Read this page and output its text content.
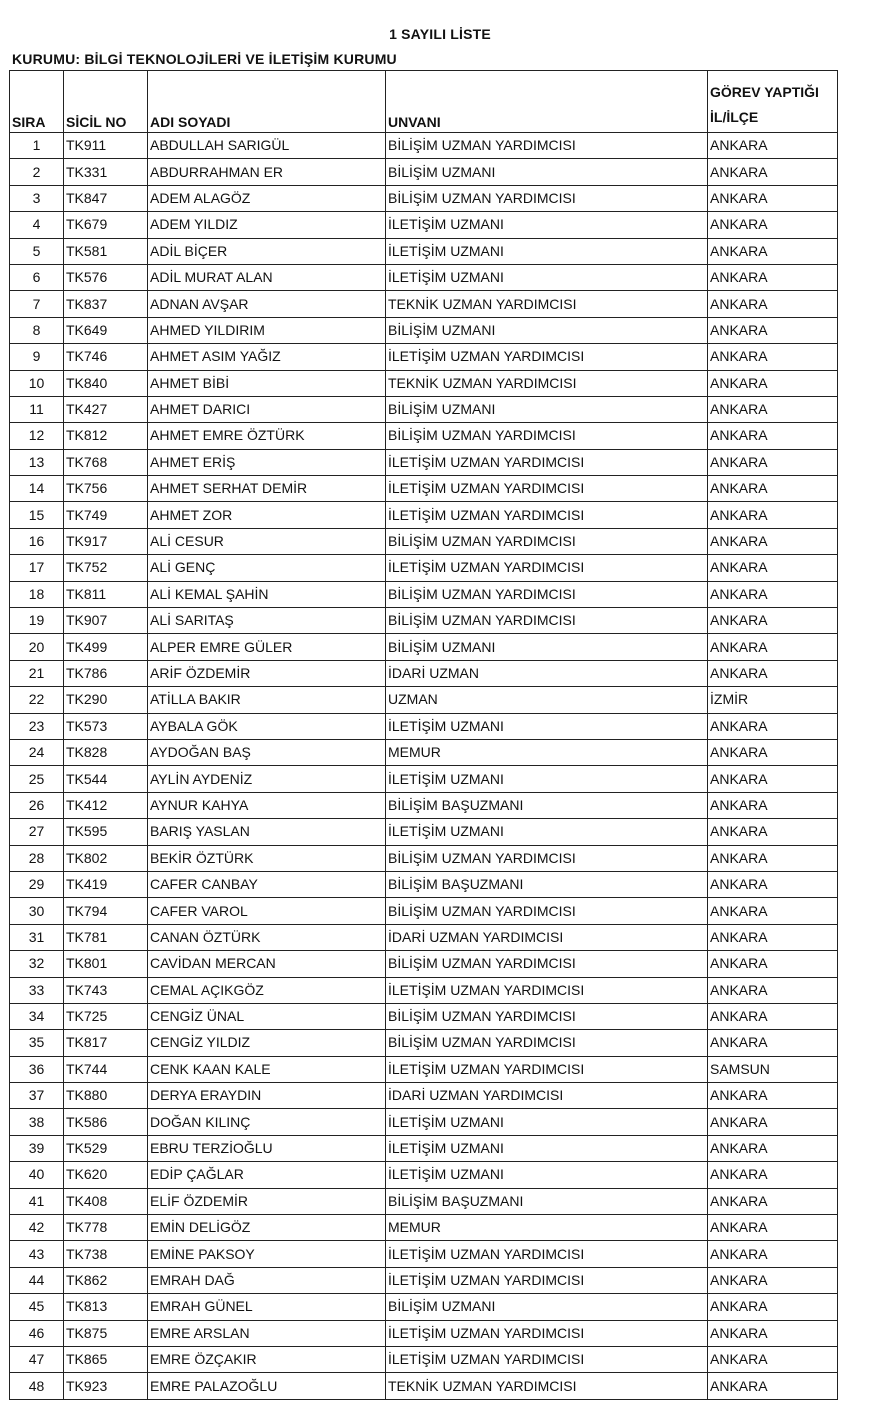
1 SAYILI LİSTE
KURUMU: BİLGİ TEKNOLOJİLERİ VE İLETİŞİM KURUMU
SIRA	SİCİL NO	ADI SOYADI	UNVANI	GÖREV YAPTIĞI
İL/İLÇE

1	TK911	ABDULLAH SARIGÜL	BİLİŞİM UZMAN YARDIMCISI	ANKARA
2	TK331	ABDURRAHMAN ER	BİLİŞİM UZMANI	ANKARA
3	TK847	ADEM ALAGÖZ	BİLİŞİM UZMAN YARDIMCISI	ANKARA
4	TK679	ADEM YILDIZ	İLETİŞİM UZMANI	ANKARA
5	TK581	ADİL BİÇER	İLETİŞİM UZMANI	ANKARA
6	TK576	ADİL MURAT ALAN	İLETİŞİM UZMANI	ANKARA
7	TK837	ADNAN AVŞAR	TEKNİK UZMAN YARDIMCISI	ANKARA
8	TK649	AHMED YILDIRIM	BİLİŞİM UZMANI	ANKARA
9	TK746	AHMET ASIM YAĞIZ	İLETİŞİM UZMAN YARDIMCISI	ANKARA
10	TK840	AHMET BİBİ	TEKNİK UZMAN YARDIMCISI	ANKARA
11	TK427	AHMET DARICI	BİLİŞİM UZMANI	ANKARA
12	TK812	AHMET EMRE ÖZTÜRK	BİLİŞİM UZMAN YARDIMCISI	ANKARA
13	TK768	AHMET ERİŞ	İLETİŞİM UZMAN YARDIMCISI	ANKARA
14	TK756	AHMET SERHAT DEMİR	İLETİŞİM UZMAN YARDIMCISI	ANKARA
15	TK749	AHMET ZOR	İLETİŞİM UZMAN YARDIMCISI	ANKARA
16	TK917	ALİ CESUR	BİLİŞİM UZMAN YARDIMCISI	ANKARA
17	TK752	ALİ GENÇ	İLETİŞİM UZMAN YARDIMCISI	ANKARA
18	TK811	ALİ KEMAL ŞAHİN	BİLİŞİM UZMAN YARDIMCISI	ANKARA
19	TK907	ALİ SARITAŞ	BİLİŞİM UZMAN YARDIMCISI	ANKARA
20	TK499	ALPER EMRE GÜLER	BİLİŞİM UZMANI	ANKARA
21	TK786	ARİF ÖZDEMİR	İDARİ UZMAN	ANKARA
22	TK290	ATİLLA BAKIR	UZMAN	İZMİR
23	TK573	AYBALA GÖK	İLETİŞİM UZMANI	ANKARA
24	TK828	AYDOĞAN BAŞ	MEMUR	ANKARA
25	TK544	AYLİN AYDENİZ	İLETİŞİM UZMANI	ANKARA
26	TK412	AYNUR KAHYA	BİLİŞİM BAŞUZMANI	ANKARA
27	TK595	BARIŞ YASLAN	İLETİŞİM UZMANI	ANKARA
28	TK802	BEKİR ÖZTÜRK	BİLİŞİM UZMAN YARDIMCISI	ANKARA
29	TK419	CAFER CANBAY	BİLİŞİM BAŞUZMANI	ANKARA
30	TK794	CAFER VAROL	BİLİŞİM UZMAN YARDIMCISI	ANKARA
31	TK781	CANAN ÖZTÜRK	İDARİ UZMAN YARDIMCISI	ANKARA
32	TK801	CAVİDAN MERCAN	BİLİŞİM UZMAN YARDIMCISI	ANKARA
33	TK743	CEMAL AÇIKGÖZ	İLETİŞİM UZMAN YARDIMCISI	ANKARA
34	TK725	CENGİZ ÜNAL	BİLİŞİM UZMAN YARDIMCISI	ANKARA
35	TK817	CENGİZ YILDIZ	BİLİŞİM UZMAN YARDIMCISI	ANKARA
36	TK744	CENK KAAN KALE	İLETİŞİM UZMAN YARDIMCISI	SAMSUN
37	TK880	DERYA ERAYDIN	İDARİ UZMAN YARDIMCISI	ANKARA
38	TK586	DOĞAN KILINÇ	İLETİŞİM UZMANI	ANKARA
39	TK529	EBRU TERZİOĞLU	İLETİŞİM UZMANI	ANKARA
40	TK620	EDİP ÇAĞLAR	İLETİŞİM UZMANI	ANKARA
41	TK408	ELİF ÖZDEMİR	BİLİŞİM BAŞUZMANI	ANKARA
42	TK778	EMİN DELİGÖZ	MEMUR	ANKARA
43	TK738	EMİNE PAKSOY	İLETİŞİM UZMAN YARDIMCISI	ANKARA
44	TK862	EMRAH DAĞ	İLETİŞİM UZMAN YARDIMCISI	ANKARA
45	TK813	EMRAH GÜNEL	BİLİŞİM UZMANI	ANKARA
46	TK875	EMRE ARSLAN	İLETİŞİM UZMAN YARDIMCISI	ANKARA
47	TK865	EMRE ÖZÇAKIR	İLETİŞİM UZMAN YARDIMCISI	ANKARA
48	TK923	EMRE PALAZOĞLU	TEKNİK UZMAN YARDIMCISI	ANKARA
